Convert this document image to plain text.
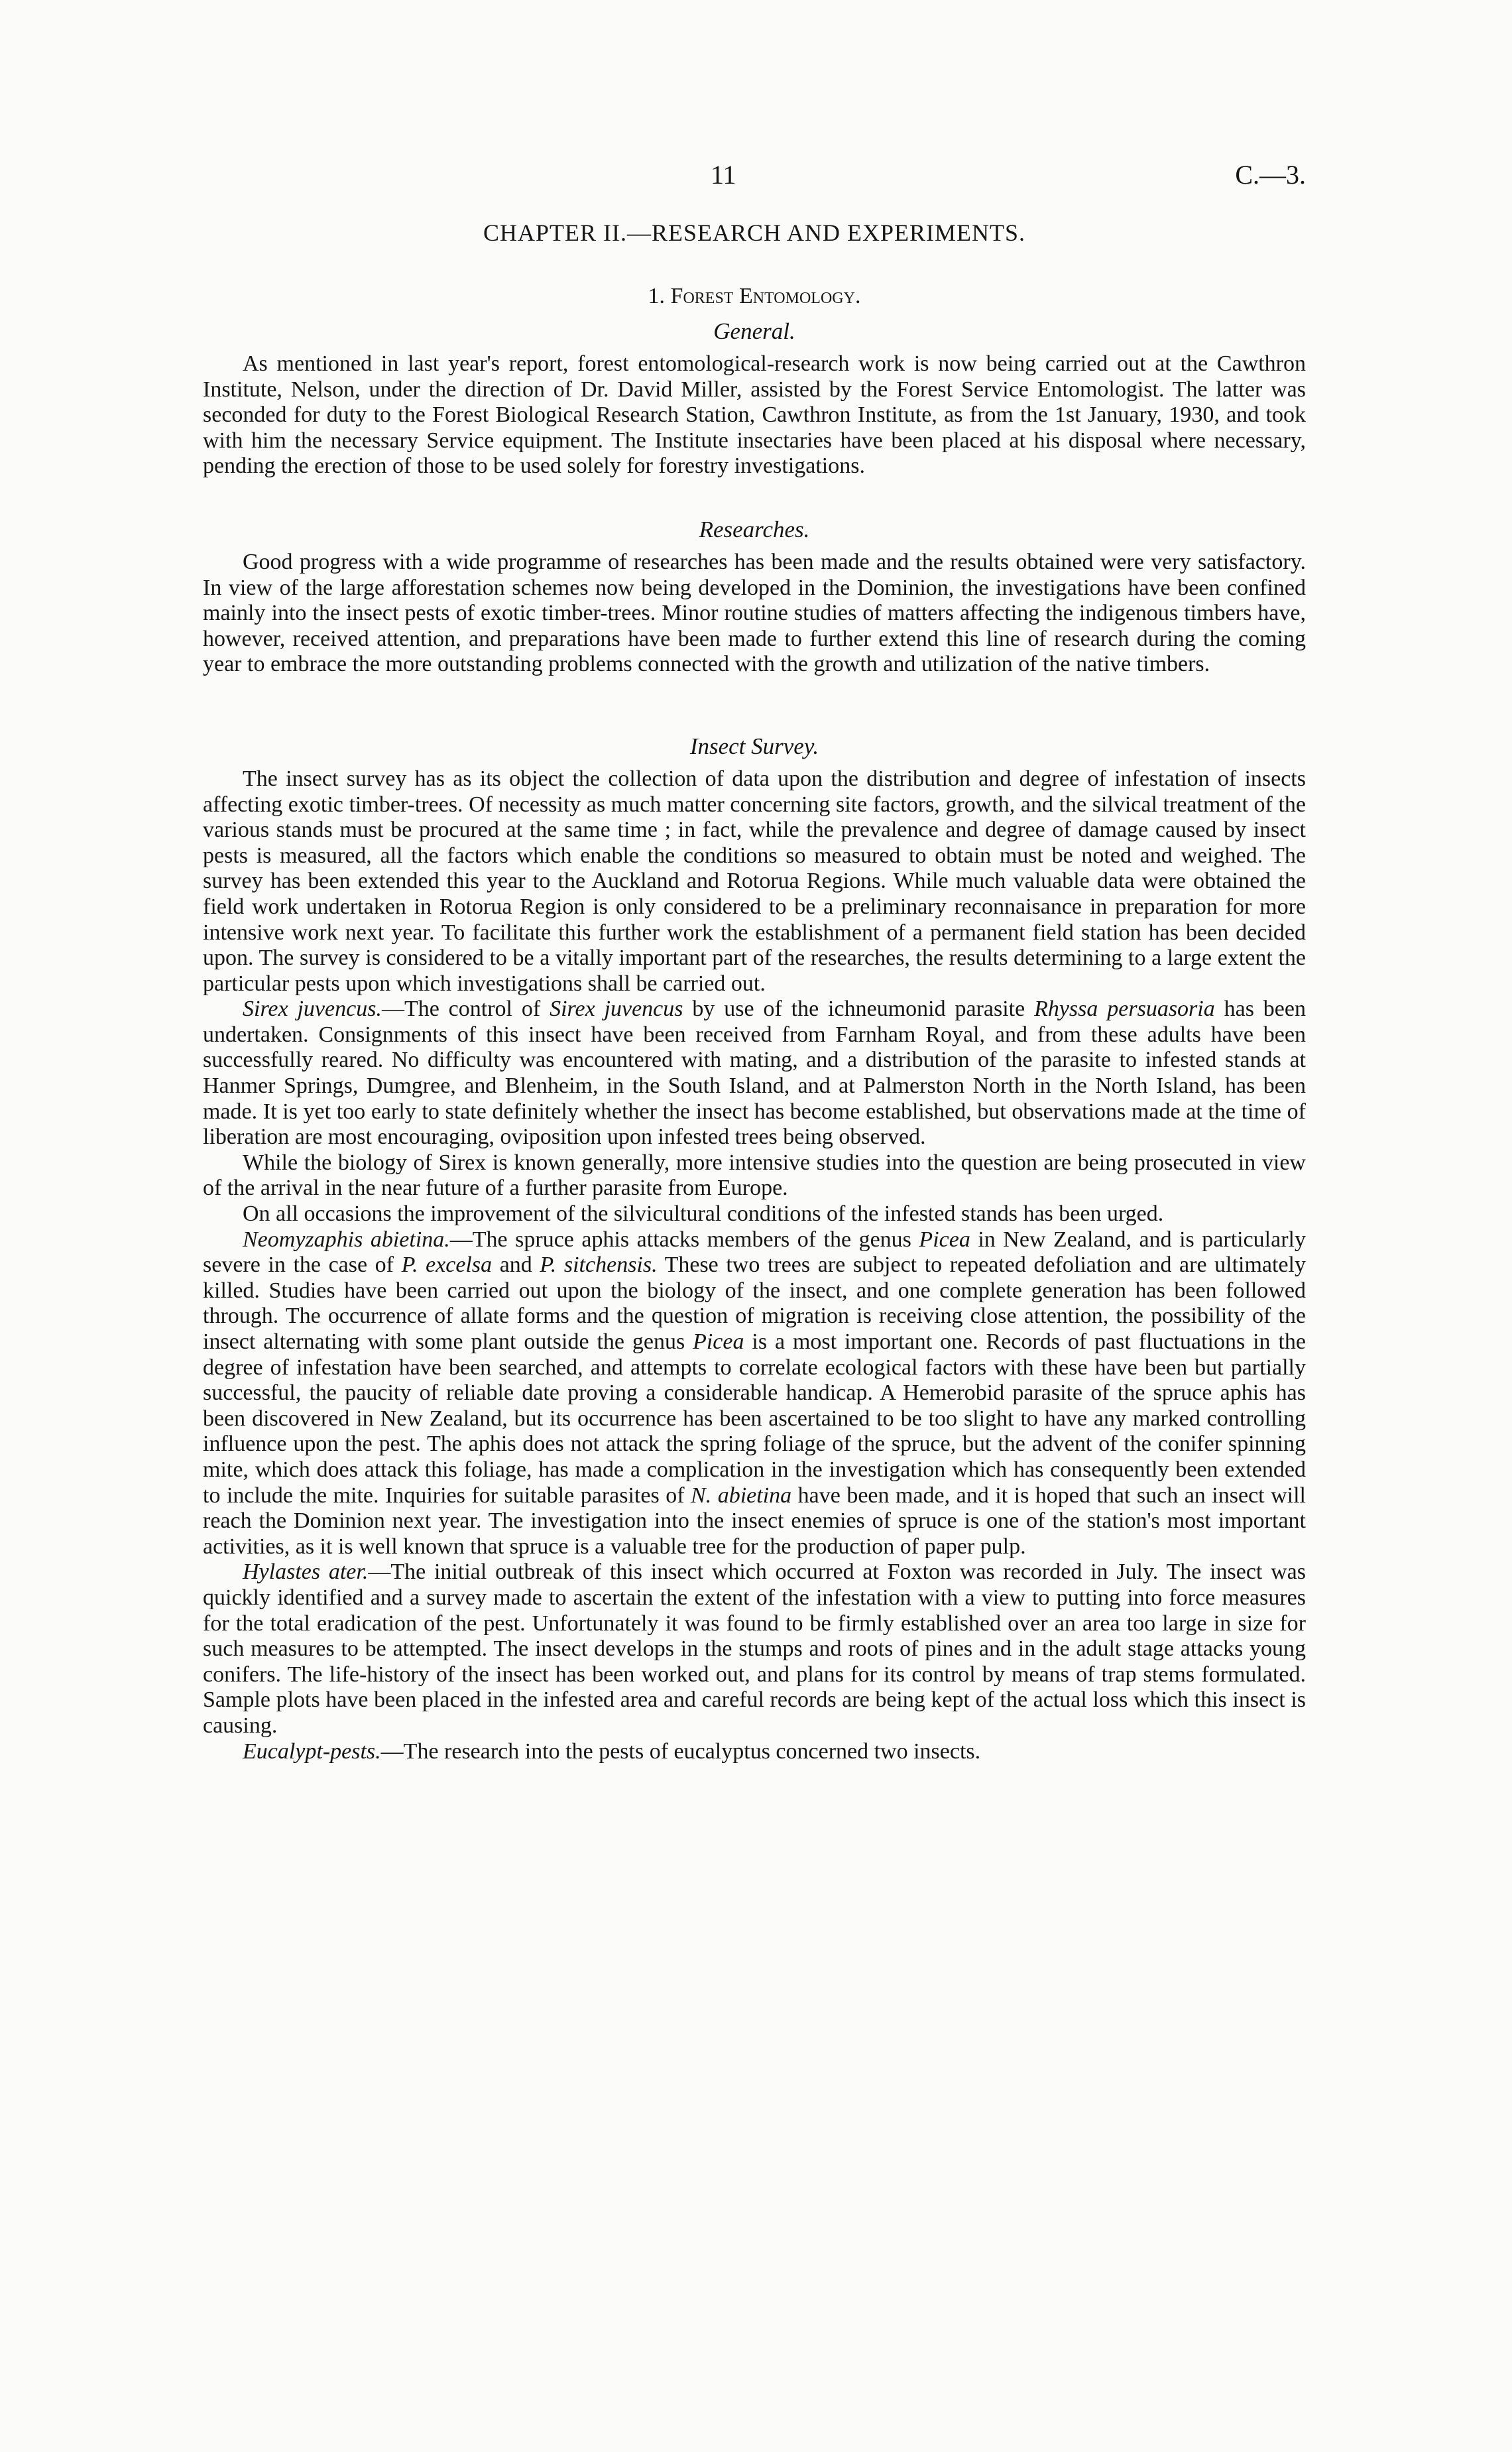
11	C.—3.
CHAPTER II.—RESEARCH AND EXPERIMENTS.
1. Forest Entomology.
General.

As mentioned in last year's report, forest entomological-research work is now being carried out at the Cawthron Institute, Nelson, under the direction of Dr. David Miller, assisted by the Forest Service Entomologist. The latter was seconded for duty to the Forest Biological Research Station, Cawthron Institute, as from the 1st January, 1930, and took with him the necessary Service equipment. The Institute insectaries have been placed at his disposal where necessary, pending the erection of those to be used solely for forestry investigations.

Researches.

Good progress with a wide programme of researches has been made and the results obtained were very satisfactory. In view of the large afforestation schemes now being developed in the Dominion, the investigations have been confined mainly into the insect pests of exotic timber-trees. Minor routine studies of matters affecting the indigenous timbers have, however, received attention, and preparations have been made to further extend this line of research during the coming year to embrace the more outstanding problems connected with the growth and utilization of the native timbers.

Insect Survey.

The insect survey has as its object the collection of data upon the distribution and degree of infestation of insects affecting exotic timber-trees. Of necessity as much matter concerning site factors, growth, and the silvical treatment of the various stands must be procured at the same time ; in fact, while the prevalence and degree of damage caused by insect pests is measured, all the factors which enable the conditions so measured to obtain must be noted and weighed. The survey has been extended this year to the Auckland and Rotorua Regions. While much valuable data were obtained the field work undertaken in Rotorua Region is only considered to be a preliminary reconnaisance in preparation for more intensive work next year. To facilitate this further work the establishment of a permanent field station has been decided upon. The survey is considered to be a vitally important part of the researches, the results determining to a large extent the particular pests upon which investigations shall be carried out.

Sirex juvencus.—The control of Sirex juvencus by use of the ichneumonid parasite Rhyssa persuasoria has been undertaken. Consignments of this insect have been received from Farnham Royal, and from these adults have been successfully reared. No difficulty was encountered with mating, and a distribution of the parasite to infested stands at Hanmer Springs, Dumgree, and Blenheim, in the South Island, and at Palmerston North in the North Island, has been made. It is yet too early to state definitely whether the insect has become established, but observations made at the time of liberation are most encouraging, oviposition upon infested trees being observed.

While the biology of Sirex is known generally, more intensive studies into the question are being prosecuted in view of the arrival in the near future of a further parasite from Europe.

On all occasions the improvement of the silvicultural conditions of the infested stands has been urged.

Neomyzaphis abietina.—The spruce aphis attacks members of the genus Picea in New Zealand, and is particularly severe in the case of P. excelsa and P. sitchensis. These two trees are subject to repeated defoliation and are ultimately killed. Studies have been carried out upon the biology of the insect, and one complete generation has been followed through. The occurrence of allate forms and the question of migration is receiving close attention, the possibility of the insect alternating with some plant outside the genus Picea is a most important one. Records of past fluctuations in the degree of infestation have been searched, and attempts to correlate ecological factors with these have been but partially successful, the paucity of reliable date proving a considerable handicap. A Hemerobid parasite of the spruce aphis has been discovered in New Zealand, but its occurrence has been ascertained to be too slight to have any marked controlling influence upon the pest. The aphis does not attack the spring foliage of the spruce, but the advent of the conifer spinning mite, which does attack this foliage, has made a complication in the investigation which has consequently been extended to include the mite. Inquiries for suitable parasites of N. abietina have been made, and it is hoped that such an insect will reach the Dominion next year. The investigation into the insect enemies of spruce is one of the station's most important activities, as it is well known that spruce is a valuable tree for the production of paper pulp.

Hylastes ater.—The initial outbreak of this insect which occurred at Foxton was recorded in July. The insect was quickly identified and a survey made to ascertain the extent of the infestation with a view to putting into force measures for the total eradication of the pest. Unfortunately it was found to be firmly established over an area too large in size for such measures to be attempted. The insect develops in the stumps and roots of pines and in the adult stage attacks young conifers. The life-history of the insect has been worked out, and plans for its control by means of trap stems formulated. Sample plots have been placed in the infested area and careful records are being kept of the actual loss which this insect is causing.

Eucalypt-pests.—The research into the pests of eucalyptus concerned two insects.
